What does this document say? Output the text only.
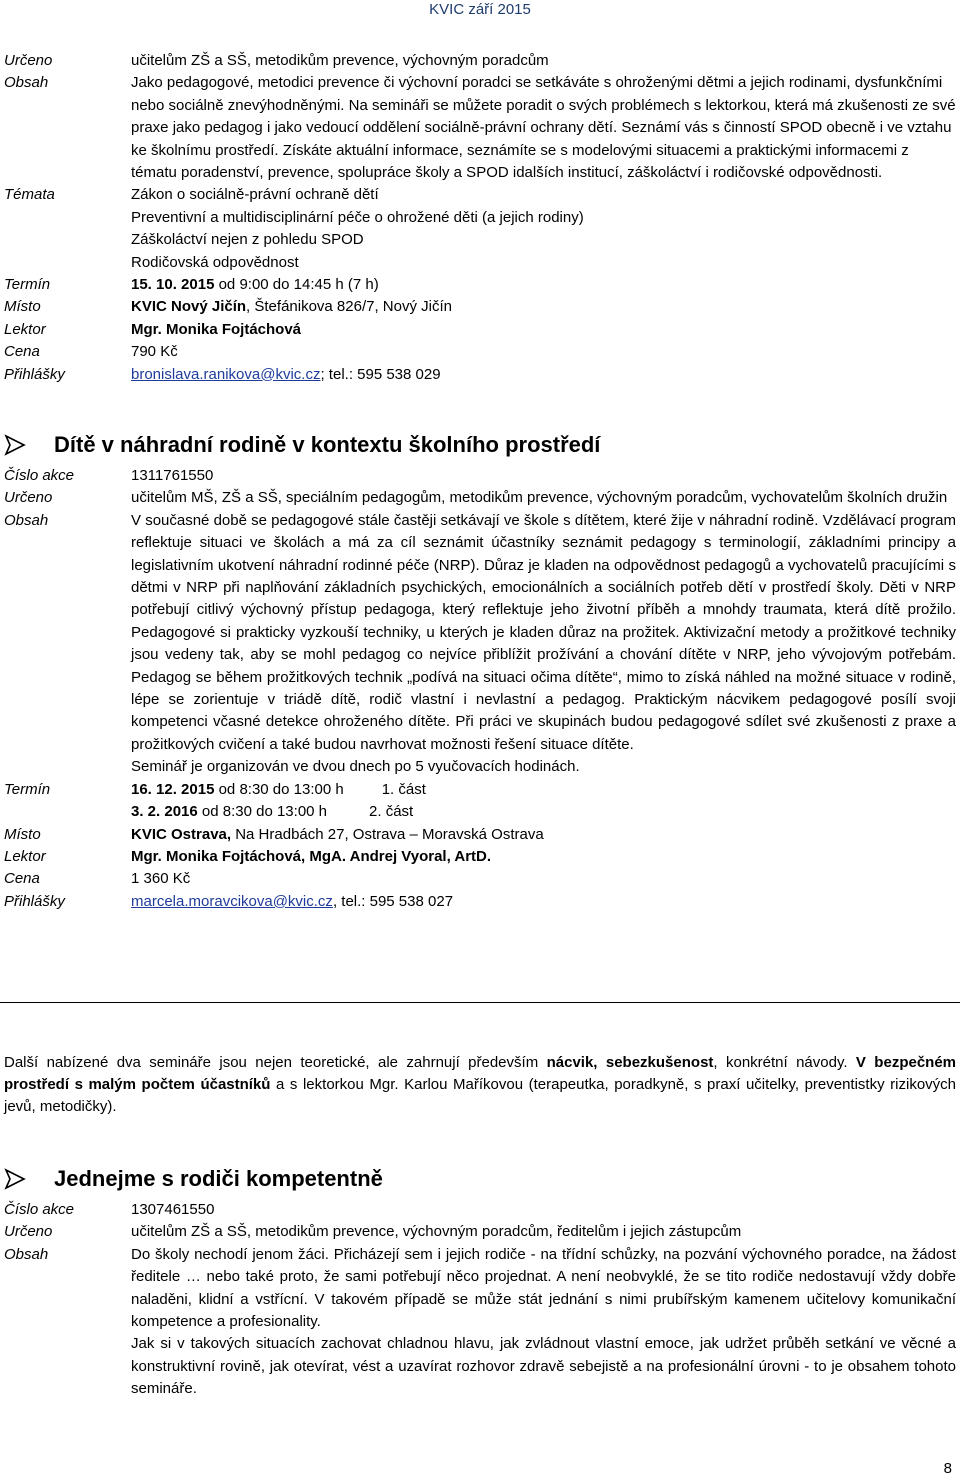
KVIC září 2015
Určeno	učitelům ZŠ a SŠ, metodikům prevence, výchovným poradcům
Obsah	Jako pedagogové, metodici prevence či výchovní poradci se setkáváte s ohroženými dětmi a jejich rodinami, dysfunkčními nebo sociálně znevýhodněnými. Na semináři se můžete poradit o svých problémech s lektorkou, která má zkušenosti ze své praxe jako pedagog i jako vedoucí oddělení sociálně-právní ochrany dětí. Seznámí vás s činností SPOD obecně i ve vztahu ke školnímu prostředí. Získáte aktuální informace, seznámíte se s modelovými situacemi a praktickými informacemi z tématu poradenství, prevence, spolupráce školy a SPOD idalších institucí, záškoláctví i rodičovské odpovědnosti.
Témata	Zákon o sociálně-právní ochraně dětí
Preventivní a multidisciplinární péče o ohrožené děti (a jejich rodiny)
Záškoláctví nejen z pohledu SPOD
Rodičovská odpovědnost
Termín	15. 10. 2015 od 9:00 do 14:45 h (7 h)
Místo	KVIC Nový Jičín, Štefánikova 826/7, Nový Jičín
Lektor	Mgr. Monika Fojtáchová
Cena	790 Kč
Přihlášky	bronislava.ranikova@kvic.cz; tel.: 595 538 029
Dítě v náhradní rodině v kontextu školního prostředí
Číslo akce	1311761550
Určeno	učitelům MŠ, ZŠ a SŠ, speciálním pedagogům, metodikům prevence, výchovným poradcům, vychovatelům školních družin
Obsah	V současné době se pedagogové stále častěji setkávají ve škole s dítětem, které žije v náhradní rodině. Vzdělávací program reflektuje situaci ve školách a má za cíl seznámit účastníky seznámit pedagogy s terminologií, základními principy a legislativním ukotvení náhradní rodinné péče (NRP). Důraz je kladen na odpovědnost pedagogů a vychovatelů pracujícími s dětmi v NRP při naplňování základních psychických, emocionálních a sociálních potřeb dětí v prostředí školy. Děti v NRP potřebují citlivý výchovný přístup pedagoga, který reflektuje jeho životní příběh a mnohdy traumata, která dítě prožilo. Pedagogové si prakticky vyzkouší techniky, u kterých je kladen důraz na prožitek. Aktivizační metody a prožitkové techniky jsou vedeny tak, aby se mohl pedagog co nejvíce přiblížit prožívání a chování dítěte v NRP, jeho vývojovým potřebám. Pedagog se během prožitkových technik „podívá na situaci očima dítěte“, mimo to získá náhled na možné situace v rodině, lépe se zorientuje v triádě dítě, rodič vlastní i nevlastní a pedagog. Praktickým nácvikem pedagogové posílí svoji kompetenci včasné detekce ohroženého dítěte. Při práci ve skupinách budou pedagogové sdílet své zkušenosti z praxe a prožitkových cvičení a také budou navrhovat možnosti řešení situace dítěte.
Seminář je organizován ve dvou dnech po 5 vyučovacích hodinách.
Termín	16. 12. 2015 od 8:30 do 13:00 h	1. část
3. 2. 2016 od 8:30 do 13:00 h	2. část
Místo	KVIC Ostrava, Na Hradbách 27, Ostrava – Moravská Ostrava
Lektor	Mgr. Monika Fojtáchová, MgA. Andrej Vyoral, ArtD.
Cena	1 360 Kč
Přihlášky	marcela.moravcikova@kvic.cz, tel.: 595 538 027
Další nabízené dva semináře jsou nejen teoretické, ale zahrnují především nácvik, sebezkušenost, konkrétní návody. V bezpečném prostředí s malým počtem účastníků a s lektorkou Mgr. Karlou Maříkovou (terapeutka, poradkyně, s praxí učitelky, preventistky rizikových jevů, metodičky).
Jednejme s rodiči kompetentně
Číslo akce	1307461550
Určeno	učitelům ZŠ a SŠ, metodikům prevence, výchovným poradcům, ředitelům i jejich zástupcům
Obsah	Do školy nechodí jenom žáci. Přicházejí sem i jejich rodiče - na třídní schůzky, na pozvání výchovného poradce, na žádost ředitele … nebo také proto, že sami potřebují něco projednat. A není neobvyklé, že se tito rodiče nedostavují vždy dobře naladěni, klidní a vstřícní. V takovém případě se může stát jednání s nimi prubířským kamenem učitelovy komunikační kompetence a profesionality.
Jak si v takových situacích zachovat chladnou hlavu, jak zvládnout vlastní emoce, jak udržet průběh setkání ve věcné a konstruktivní rovině, jak otevírat, vést a uzavírat rozhovor zdravě sebejistě a na profesionální úrovni - to je obsahem tohoto semináře.
8
